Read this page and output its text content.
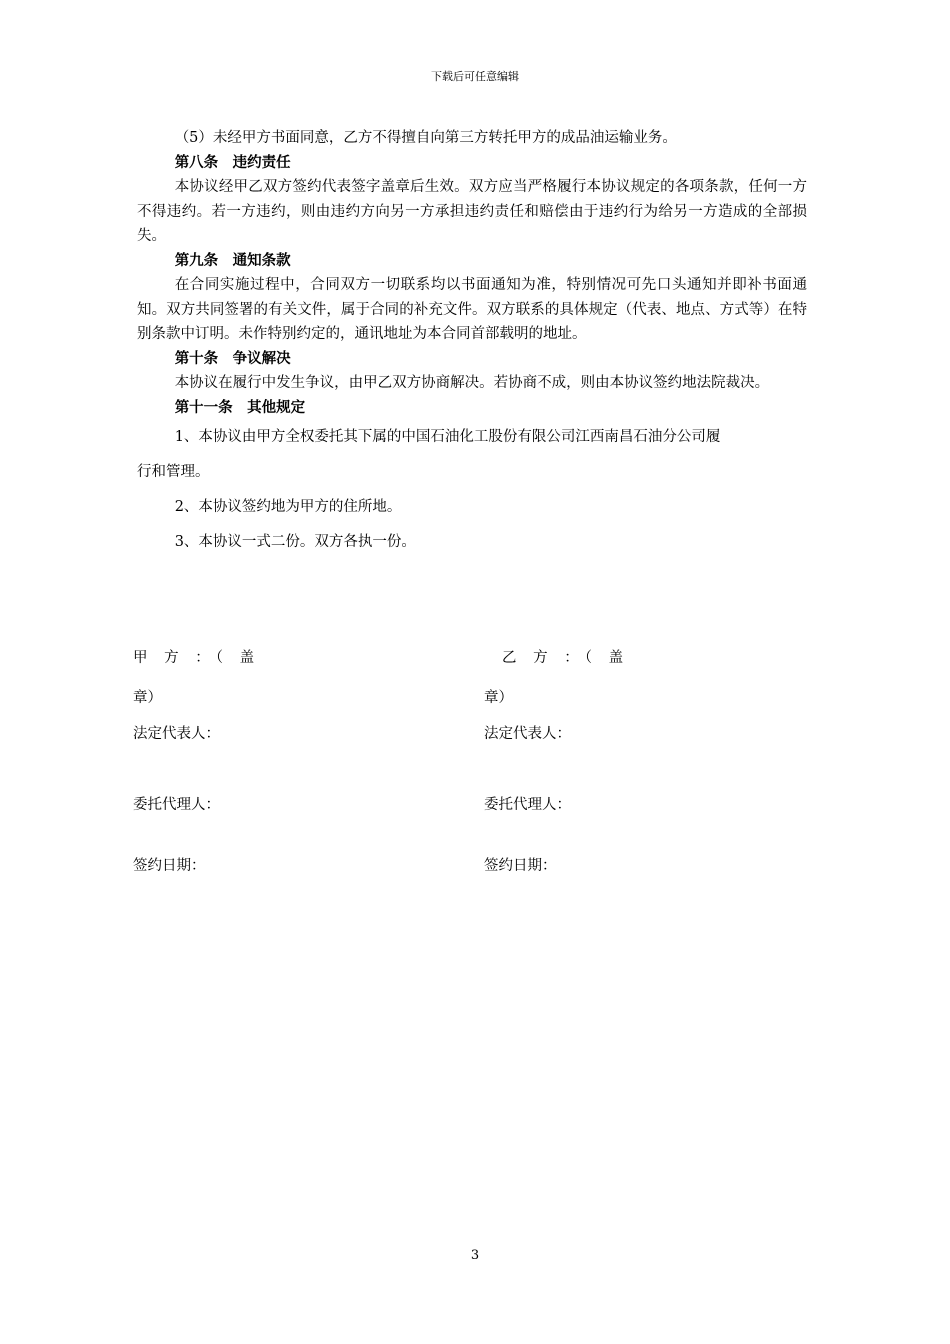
下载后可任意编辑

（5）未经甲方书面同意，乙方不得擅自向第三方转托甲方的成品油运输业务。

第八条　违约责任

本协议经甲乙双方签约代表签字盖章后生效。双方应当严格履行本协议规定的各项条款，任何一方不得违约。若一方违约，则由违约方向另一方承担违约责任和赔偿由于违约行为给另一方造成的全部损失。

第九条　通知条款

在合同实施过程中，合同双方一切联系均以书面通知为准，特别情况可先口头通知并即补书面通知。双方共同签署的有关文件，属于合同的补充文件。双方联系的具体规定（代表、地点、方式等）在特别条款中订明。未作特别约定的，通讯地址为本合同首部载明的地址。

第十条　争议解决

本协议在履行中发生争议，由甲乙双方协商解决。若协商不成，则由本协议签约地法院裁决。

第十一条　其他规定

1、本协议由甲方全权委托其下属的中国石油化工股份有限公司江西南昌石油分公司履

行和管理。

2、本协议签约地为甲方的住所地。

3、本协议一式二份。双方各执一份。

甲 方 ：（ 盖
章）
法定代表人：
委托代理人：
签约日期：
乙 方 ：（ 盖
章）
法定代表人：
委托代理人：
签约日期：
3
